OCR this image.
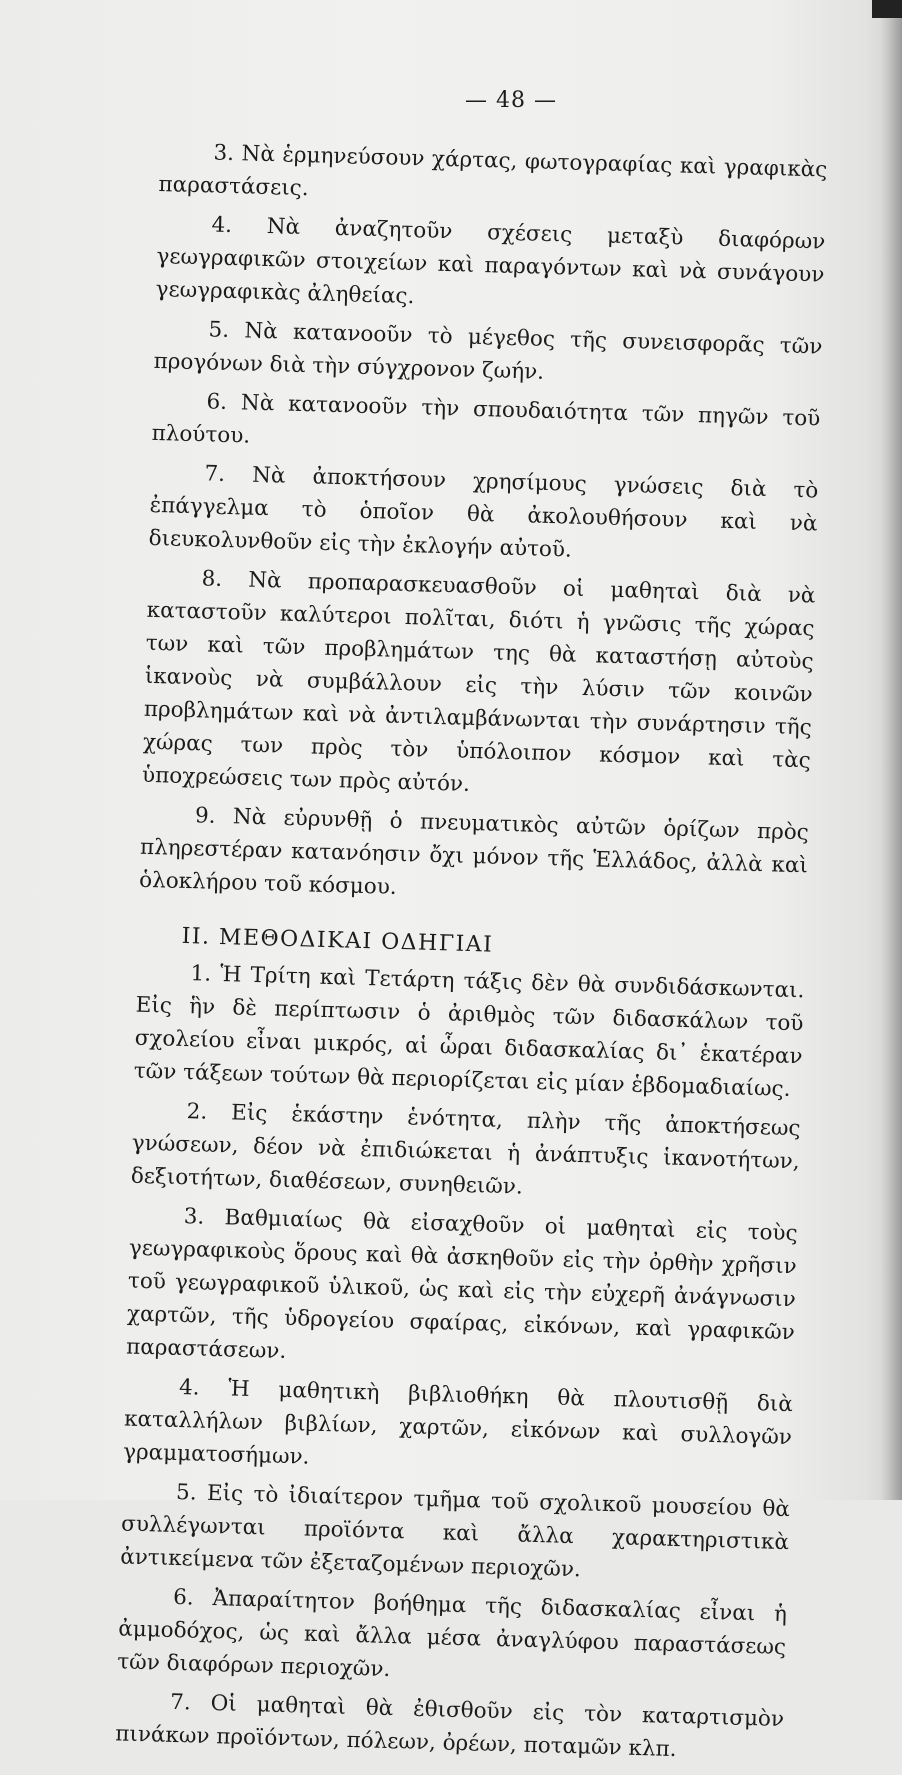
— 48 —

3. Νὰ ἑρμηνεύσουν χάρτας, φωτογραφίας καὶ γραφικὰς παραστάσεις.

4. Νὰ ἀναζητοῦν σχέσεις μεταξὺ διαφόρων γεωγραφικῶν στοιχείων καὶ παραγόντων καὶ νὰ συνάγουν γεωγραφικὰς ἀληθείας.

5. Νὰ κατανοοῦν τὸ μέγεθος τῆς συνεισφορᾶς τῶν προγόνων διὰ τὴν σύγχρονον ζωήν.

6. Νὰ κατανοοῦν τὴν σπουδαιότητα τῶν πηγῶν τοῦ πλούτου.

7. Νὰ ἀποκτήσουν χρησίμους γνώσεις διὰ τὸ ἐπάγγελμα τὸ ὁποῖον θὰ ἀκολουθήσουν καὶ νὰ διευκολυνθοῦν εἰς τὴν ἐκλογήν αὐτοῦ.

8. Νὰ προπαρασκευασθοῦν οἱ μαθηταὶ διὰ νὰ καταστοῦν καλύτεροι πολῖται, διότι ἡ γνῶσις τῆς χώρας των καὶ τῶν προβλημάτων της θὰ καταστήσῃ αὐτοὺς ἱκανοὺς νὰ συμβάλλουν εἰς τὴν λύσιν τῶν κοινῶν προβλημάτων καὶ νὰ ἀντιλαμβάνωνται τὴν συνάρτησιν τῆς χώρας των πρὸς τὸν ὑπόλοιπον κόσμον καὶ τὰς ὑποχρεώσεις των πρὸς αὐτόν.

9. Νὰ εὐρυνθῇ ὁ πνευματικὸς αὐτῶν ὁρίζων πρὸς πληρεστέραν κατανόησιν ὄχι μόνον τῆς Ἑλλάδος, ἀλλὰ καὶ ὁλοκλήρου τοῦ κόσμου.

II. ΜΕΘΟΔΙΚΑΙ ΟΔΗΓΙΑΙ

1. Ἡ Τρίτη καὶ Τετάρτη τάξις δὲν θὰ συνδιδάσκωνται. Εἰς ἣν δὲ περίπτωσιν ὁ ἀριθμὸς τῶν διδασκάλων τοῦ σχολείου εἶναι μικρός, αἱ ὧραι διδασκαλίας δι᾽ ἑκατέραν τῶν τάξεων τούτων θὰ περιορίζεται εἰς μίαν ἑβδομαδιαίως.

2. Εἰς ἑκάστην ἑνότητα, πλὴν τῆς ἀποκτήσεως γνώσεων, δέον νὰ ἐπιδιώκεται ἡ ἀνάπτυξις ἱκανοτήτων, δεξιοτήτων, διαθέσεων, συνηθειῶν.

3. Βαθμιαίως θὰ εἰσαχθοῦν οἱ μαθηταὶ εἰς τοὺς γεωγραφικοὺς ὅρους καὶ θὰ ἀσκηθοῦν εἰς τὴν ὀρθὴν χρῆσιν τοῦ γεωγραφικοῦ ὑλικοῦ, ὡς καὶ εἰς τὴν εὐχερῆ ἀνάγνωσιν χαρτῶν, τῆς ὑδρογείου σφαίρας, εἰκόνων, καὶ γραφικῶν παραστάσεων.

4. Ἡ μαθητικὴ βιβλιοθήκη θὰ πλουτισθῇ διὰ καταλλήλων βιβλίων, χαρτῶν, εἰκόνων καὶ συλλογῶν γραμματοσήμων.

5. Εἰς τὸ ἰδιαίτερον τμῆμα τοῦ σχολικοῦ μουσείου θὰ συλλέγωνται προϊόντα καὶ ἄλλα χαρακτηριστικὰ ἀντικείμενα τῶν ἐξεταζομένων περιοχῶν.

6. Ἀπαραίτητον βοήθημα τῆς διδασκαλίας εἶναι ἡ ἀμμοδόχος, ὡς καὶ ἄλλα μέσα ἀναγλύφου παραστάσεως τῶν διαφόρων περιοχῶν.

7. Οἱ μαθηταὶ θὰ ἐθισθοῦν εἰς τὸν καταρτισμὸν πινάκων προϊόντων, πόλεων, ὀρέων, ποταμῶν κλπ.
